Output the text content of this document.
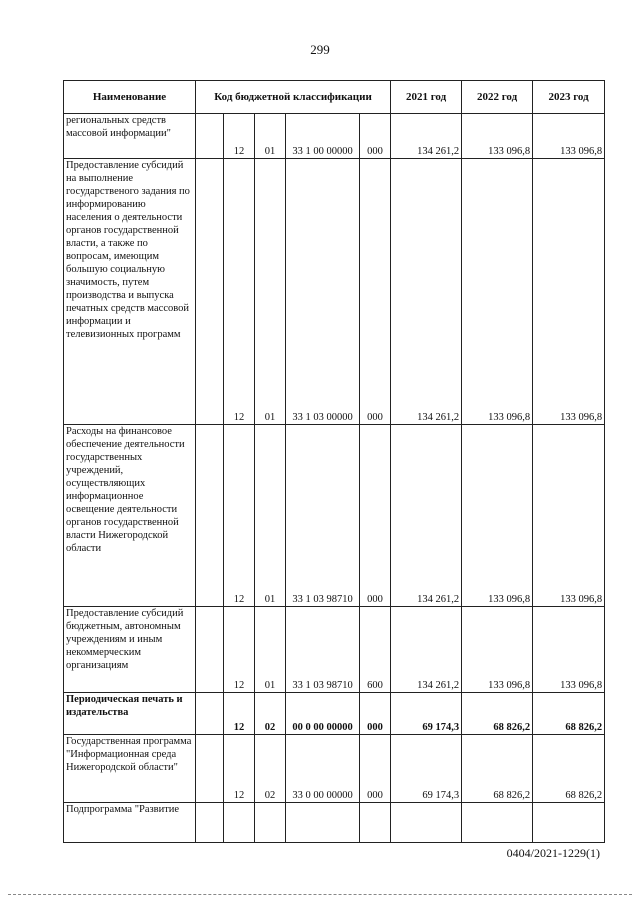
299
Наименование	Код бюджетной классификации					2021 год	2022 год	2023 год
региональных средств массовой информации"		12	01	33 1 00 00000	000	134 261,2	133 096,8	133 096,8
Предоставление субсидий на выполнение государственого задания по информированию населения о деятельности органов государственной власти, а также по вопросам, имеющим большую социальную значимость, путем производства и выпуска печатных средств массовой информации и телевизионных программ		12	01	33 1 03 00000	000	134 261,2	133 096,8	133 096,8
Расходы на финансовое обеспечение деятельности государственных учреждений, осуществляющих информационное освещение деятельности органов государственной власти Нижегородской области		12	01	33 1 03 98710	000	134 261,2	133 096,8	133 096,8
Предоставление субсидий бюджетным, автономным учреждениям и иным некоммерческим организациям		12	01	33 1 03 98710	600	134 261,2	133 096,8	133 096,8
Периодическая печать и издательства		12	02	00 0 00 00000	000	69 174,3	68 826,2	68 826,2
Государственная программа "Информационная среда Нижегородской области"		12	02	33 0 00 00000	000	69 174,3	68 826,2	68 826,2
Подпрограмма "Развитие								
0404/2021-1229(1)
